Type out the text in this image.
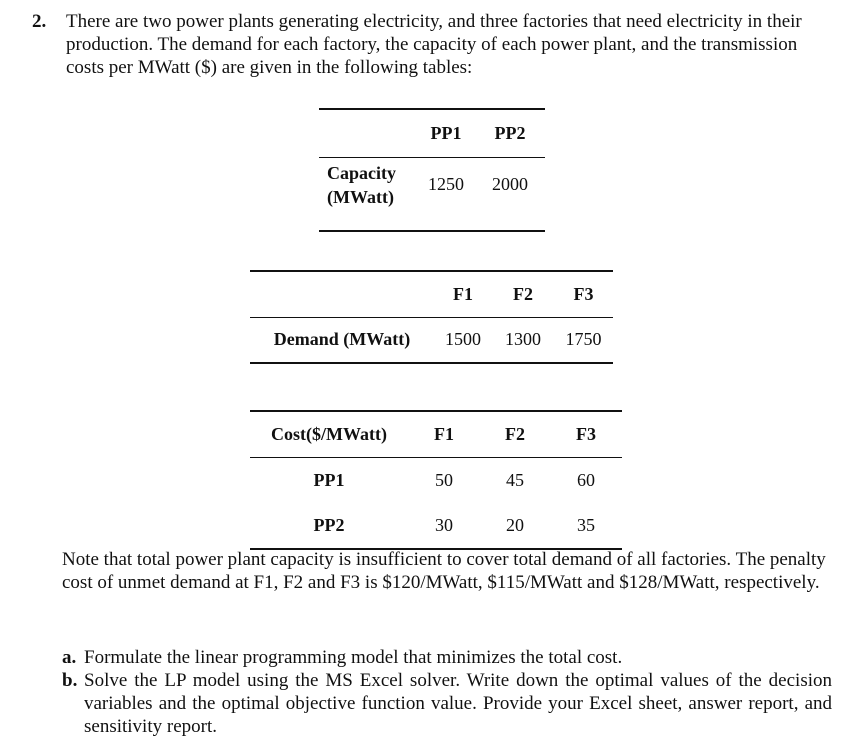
2. There are two power plants generating electricity, and three factories that need electricity in their production. The demand for each factory, the capacity of each power plant, and the transmission costs per MWatt ($) are given in the following tables:
	PP1	PP2

Capacity
(MWatt)	1250	2000
	F1	F2	F3
Demand (MWatt)	1500	1300	1750
Cost($/MWatt)	F1	F2	F3
PP1	50	45	60
PP2	30	20	35
Note that total power plant capacity is insufficient to cover total demand of all factories. The penalty cost of unmet demand at F1, F2 and F3 is $120/MWatt, $115/MWatt and $128/MWatt, respectively.
a. Formulate the linear programming model that minimizes the total cost.
b. Solve the LP model using the MS Excel solver. Write down the optimal values of the decision variables and the optimal objective function value. Provide your Excel sheet, answer report, and sensitivity report.
